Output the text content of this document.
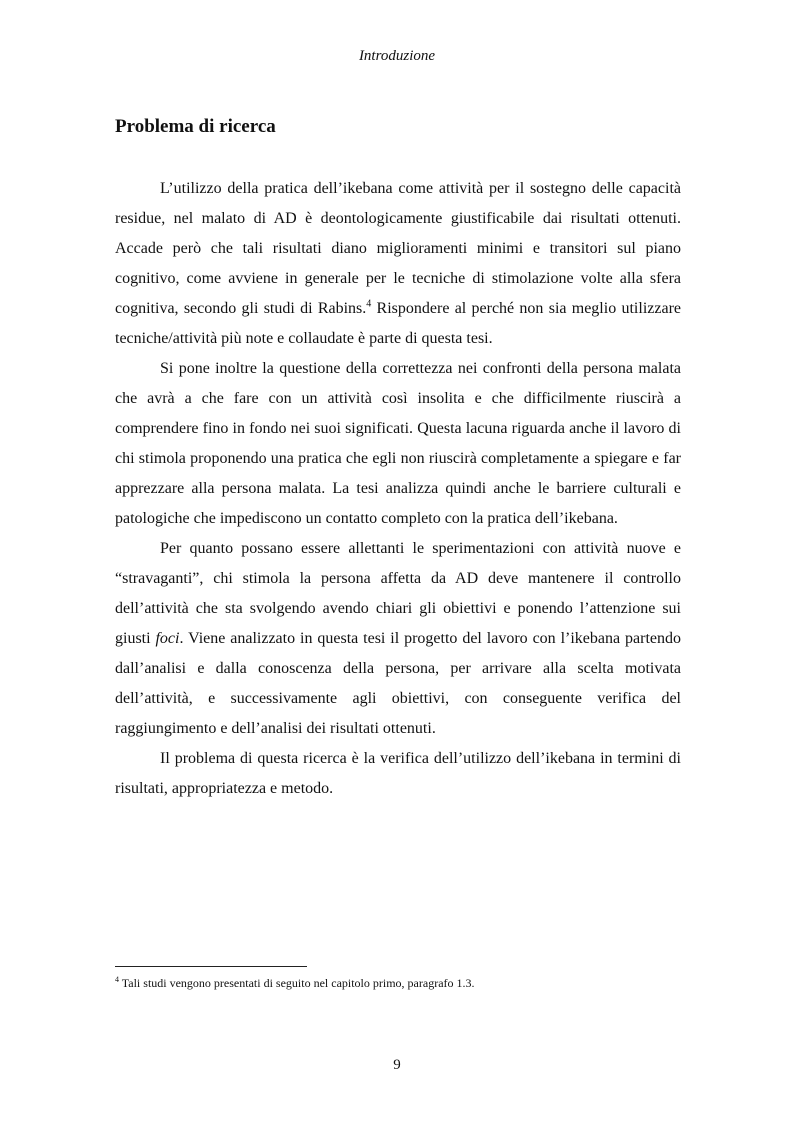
Introduzione
Problema di ricerca

L’utilizzo della pratica dell’ikebana come attività per il sostegno delle capacità residue, nel malato di AD è deontologicamente giustificabile dai risultati ottenuti. Accade però che tali risultati diano miglioramenti minimi e transitori sul piano cognitivo, come avviene in generale per le tecniche di stimolazione volte alla sfera cognitiva, secondo gli studi di Rabins.$^4$ Rispondere al perché non sia meglio utilizzare tecniche/attività più note e collaudate è parte di questa tesi.

Si pone inoltre la questione della correttezza nei confronti della persona malata che avrà a che fare con un attività così insolita e che difficilmente riuscirà a comprendere fino in fondo nei suoi significati. Questa lacuna riguarda anche il lavoro di chi stimola proponendo una pratica che egli non riuscirà completamente a spiegare e far apprezzare alla persona malata. La tesi analizza quindi anche le barriere culturali e patologiche che impediscono un contatto completo con la pratica dell’ikebana.

Per quanto possano essere allettanti le sperimentazioni con attività nuove e “stravaganti”, chi stimola la persona affetta da AD deve mantenere il controllo dell’attività che sta svolgendo avendo chiari gli obiettivi e ponendo l’attenzione sui giusti foci. Viene analizzato in questa tesi il progetto del lavoro con l’ikebana partendo dall’analisi e dalla conoscenza della persona, per arrivare alla scelta motivata dell’attività, e successivamente agli obiettivi, con conseguente verifica del raggiungimento e dell’analisi dei risultati ottenuti.

Il problema di questa ricerca è la verifica dell’utilizzo dell’ikebana in termini di risultati, appropriatezza e metodo.

$^4$ Tali studi vengono presentati di seguito nel capitolo primo, paragrafo 1.3.
9
